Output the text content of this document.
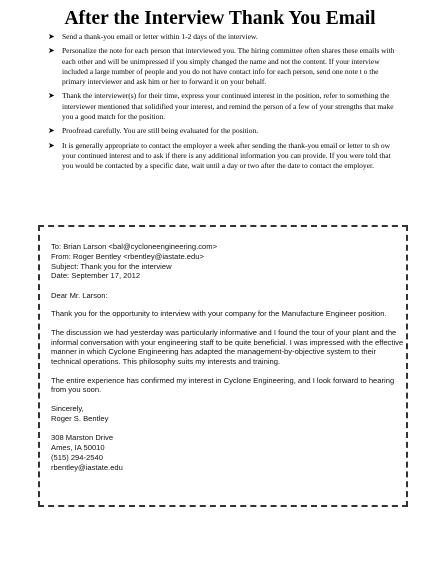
After the Interview Thank You Email
➤ Send a thank-you email or letter within 1-2 days of the interview.
➤ Personalize the note for each person that interviewed you. The hiring committee often shares these emails with each other and will be unimpressed if you simply changed the name and not the content. If your interview included a large number of people and you do not have contact info for each person, send one note t o the primary interviewer and ask him or her to forward it on your behalf.
➤ Thank the interviewer(s) for their time, express your continued interest in the position, refer to something the interviewer mentioned that solidified your interest, and remind the person of a few of your strengths that make you a good match for the position.
➤ Proofread carefully. You are still being evaluated for the position.
➤ It is generally appropriate to contact the employer a week after sending the thank-you email or letter to sh ow your continued interest and to ask if there is any additional information you can provide. If you were told that you would be contacted by a specific date, wait until a day or two after the date to contact the employer.
To: Brian Larson <bal@cycloneengineering.com>
From: Roger Bentley <rbentley@iastate.edu>
Subject: Thank you for the interview
Date: September 17, 2012
Dear Mr. Larson:
Thank you for the opportunity to interview with your company for the Manufacture Engineer position.
The discussion we had yesterday was particularly informative and I found the tour of your plant and the informal conversation with your engineering staff to be quite beneficial. I was impressed with the effective manner in which Cyclone Engineering has adapted the management-by-objective system to their technical operations. This philosophy suits my interests and training.
The entire experience has confirmed my interest in Cyclone Engineering, and I look forward to hearing from you soon.
Sincerely,
Roger S. Bentley
308 Marston Drive
Ames, IA 50010
(515) 294-2540
rbentley@iastate.edu
